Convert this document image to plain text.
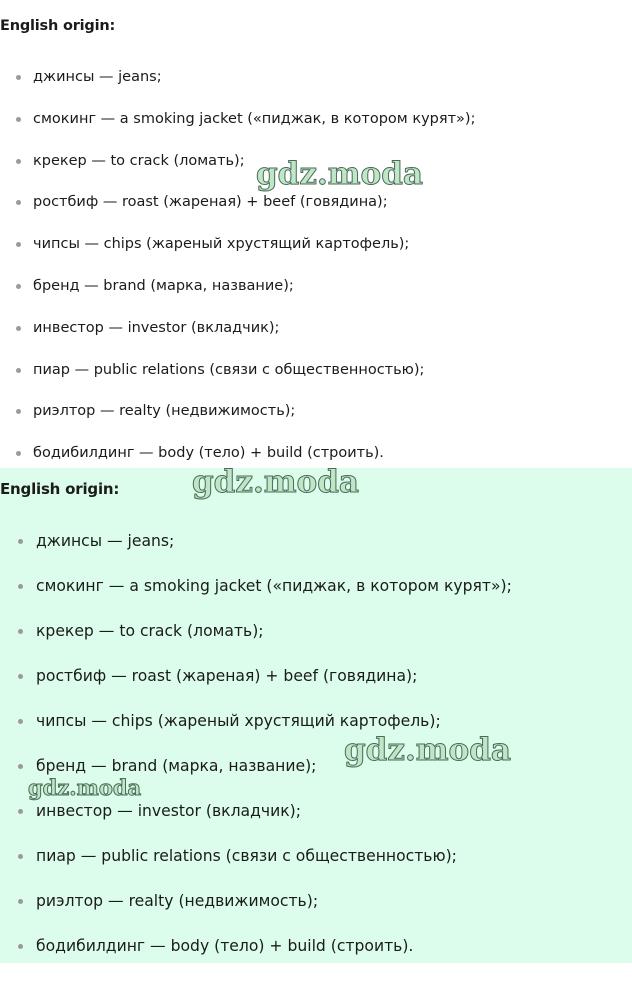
English origin:
джинсы — jeans;
смокинг — a smoking jacket («пиджак, в котором курят»);
крекер — to crack (ломать);
ростбиф — roast (жареная) + beef (говядина);
чипсы — chips (жареный хрустящий картофель);
бренд — brand (марка, название);
инвестор — investor (вкладчик);
пиар — public relations (связи с общественностью);
риэлтор — realty (недвижимость);
бодибилдинг — body (тело) + build (строить).
English origin:
джинсы — jeans;
смокинг — a smoking jacket («пиджак, в котором курят»);
крекер — to crack (ломать);
ростбиф — roast (жареная) + beef (говядина);
чипсы — chips (жареный хрустящий картофель);
бренд — brand (марка, название);
инвестор — investor (вкладчик);
пиар — public relations (связи с общественностью);
риэлтор — realty (недвижимость);
бодибилдинг — body (тело) + build (строить).
gdz.moda
gdz.moda
gdz.moda
gdz.moda
